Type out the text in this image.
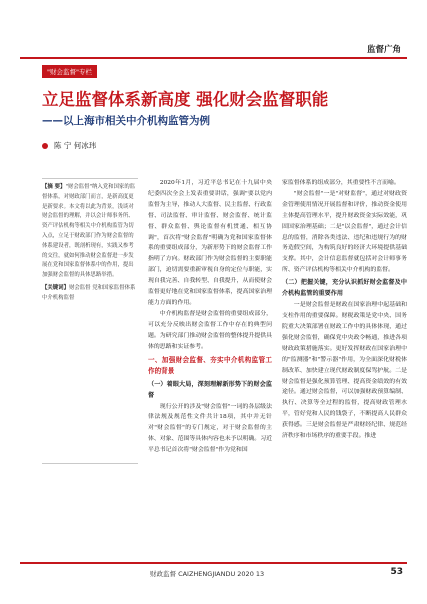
监督广角
"财会监督"专栏
立足监督体系新高度 强化财会监督职能
——以上海市相关中介机构监管为例
陈 宁 何冰玮

【摘 要】"财会监督"纳入党和国家的监督体系，对财政部门而言，是新高度更是新要求。本文将以此为背景，浅谈对财会监督的理解，并以会计师事务所、资产评估机构等相关中介机构监管为切入点，立足于财政部门作为财会监督的体系建设者，既剖析现有，实践又参考的交往，就如何推动财会监督进一步发展在党和国家监督体系中的作用，提出加强财会监督的具体思路举措。

【关键词】财会监督 党和国家监督体系 中介机构监督

2020年1月，习近平总书记在十九届中央纪委四次全会上发表重要讲话，强调"要以党内监督为主导，推动人大监督、民主监督、行政监督、司法监督、审计监督、财会监督、统计监督、群众监督、舆论监督有机贯通、相互协调"，首次将"财会监督"明确为党和国家监督体系的重要组成部分，为新形势下的财会监督工作指明了方向。财政部门作为财会监督的主要职能部门，迫切需要重新审视自身的定位与职能，实现自我完善、自我转型、自我提升，从而使财会监督更好地在党和国家监督体系，提高国家治理能力方面的作用。

中介机构监督是财会监督的重要组成部分，可以充分反映出财会监督工作中存在的典型问题。为研究部门推动财会监督的整体提升提供具体的思路和实证参考。

一、加强财会监督、夯实中介机构监管工作的背景
（一）着眼大局，深刻理解新形势下的财会监督

现行公开的涉及"财会监督"一词的各层级法律法规及规范性文件共计18项，其中并无针对"财会监督"的专门规定，对于财会监督的主体、对象、范围等具体内容也未予以明确。习近平总书记首次将"财会监督"作为党和国

家监督体系的组成部分，其重要性不言而喻。

"财会监督"一是"对财监督"，通过对财政资金管理使用情况开展监督和评价，推动资金使用主体提高管理水平，提升财政资金实际效能，巩固国家治理基础；二是"以会监督"，通过会计信息的监督，消除各类违法、违纪和违规行为的财务造假空间，为构筑良好的经济大环境提供基础支撑。其中，会计信息监督就包括对会计师事务所、资产评估机构等相关中介机构的监督。

（二）把握关键，充分认识抓好财会监督及中介机构监管的重要作用

一是财会监督是财政在国家治理中起基础和支柱作用的重要保障。财税政策是党中央、国务院重大决策部署在财政工作中的具体体现，通过强化财会监督，确保党中央政令畅通，推进各项财政政策措施落实。更好发挥财政在国家治理中的"监测器"和"警示器"作用，为全面深化财税体制改革、加快建立现代财政制度保驾护航。二是财会监督是强化预算管理、提高资金绩效的有效途径。通过财会监督，可以加强财政预算编制、执行、决算等全过程的监督，提高财政管理水平，管好党和人民的钱袋子，不断提高人民群众获得感。三是财会监督是严肃财经纪律、规范经济秩序和市场秩序的重要手段。推进

财政监督 CAIZHENGJIANDU 2020 13	53
